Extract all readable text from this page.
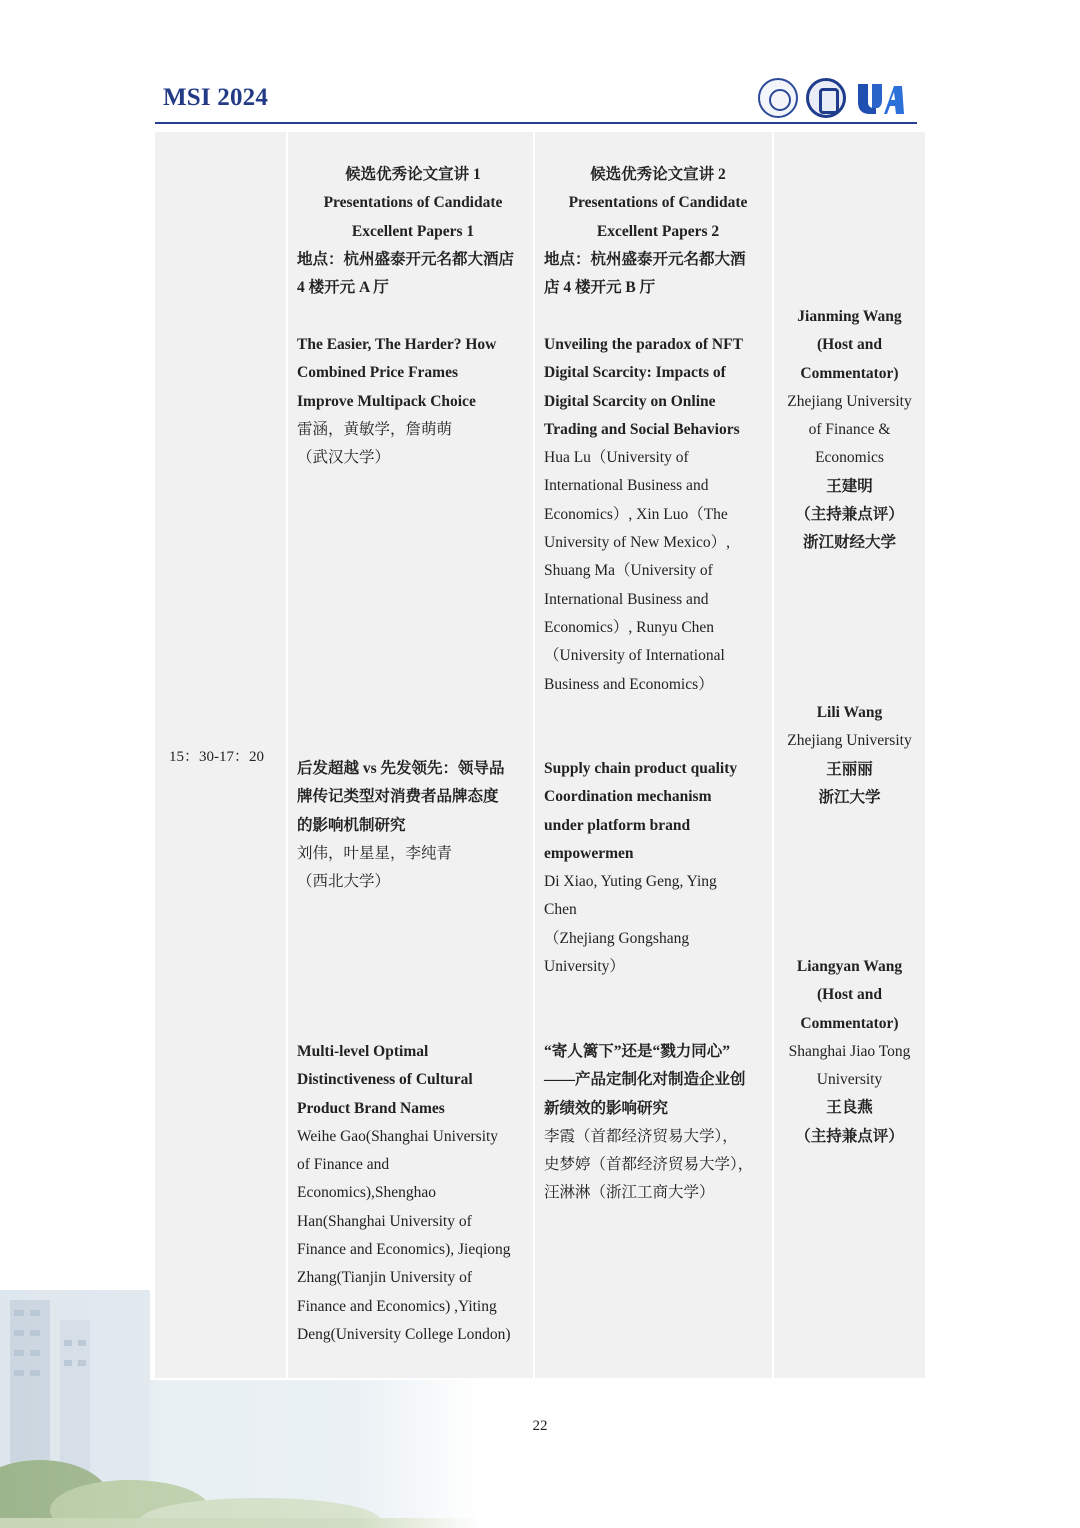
MSI 2024
15：30-17：20
候选优秀论文宣讲 1
Presentations of Candidate
Excellent Papers 1
地点：杭州盛泰开元名都大酒店
4 楼开元 A 厅
The Easier, The Harder? How
Combined Price Frames
Improve Multipack Choice
雷涵，黄敏学，詹萌萌
（武汉大学）
后发超越 vs 先发领先：领导品
牌传记类型对消费者品牌态度
的影响机制研究
刘伟，叶星星，李纯青
（西北大学）
Multi-level Optimal
Distinctiveness of Cultural
Product Brand Names
Weihe Gao(Shanghai University
of Finance and
Economics),Shenghao
Han(Shanghai University of
Finance and Economics), Jieqiong
Zhang(Tianjin University of
Finance and Economics) ,Yiting
Deng(University College London)
候选优秀论文宣讲 2
Presentations of Candidate
Excellent Papers 2
地点：杭州盛泰开元名都大酒
店 4 楼开元 B 厅
Unveiling the paradox of NFT
Digital Scarcity: Impacts of
Digital Scarcity on Online
Trading and Social Behaviors
Hua Lu（University of
International Business and
Economics）, Xin Luo（The
University of New Mexico）,
Shuang Ma（University of
International Business and
Economics）, Runyu Chen
（University of International
Business and Economics）
Supply chain product quality
Coordination mechanism
under platform brand
empowermen
Di Xiao, Yuting Geng, Ying
Chen
（Zhejiang Gongshang
University）
“寄人篱下”还是“戮力同心”
——产品定制化对制造企业创
新绩效的影响研究
李霞（首都经济贸易大学），
史梦婷（首都经济贸易大学），
汪淋淋（浙江工商大学）
Jianming Wang
(Host and
Commentator)
Zhejiang University
of Finance &
Economics
王建明
（主持兼点评）
浙江财经大学
Lili Wang
Zhejiang University
王丽丽
浙江大学
Liangyan Wang
(Host and
Commentator)
Shanghai Jiao Tong
University
王良燕
（主持兼点评）
22
